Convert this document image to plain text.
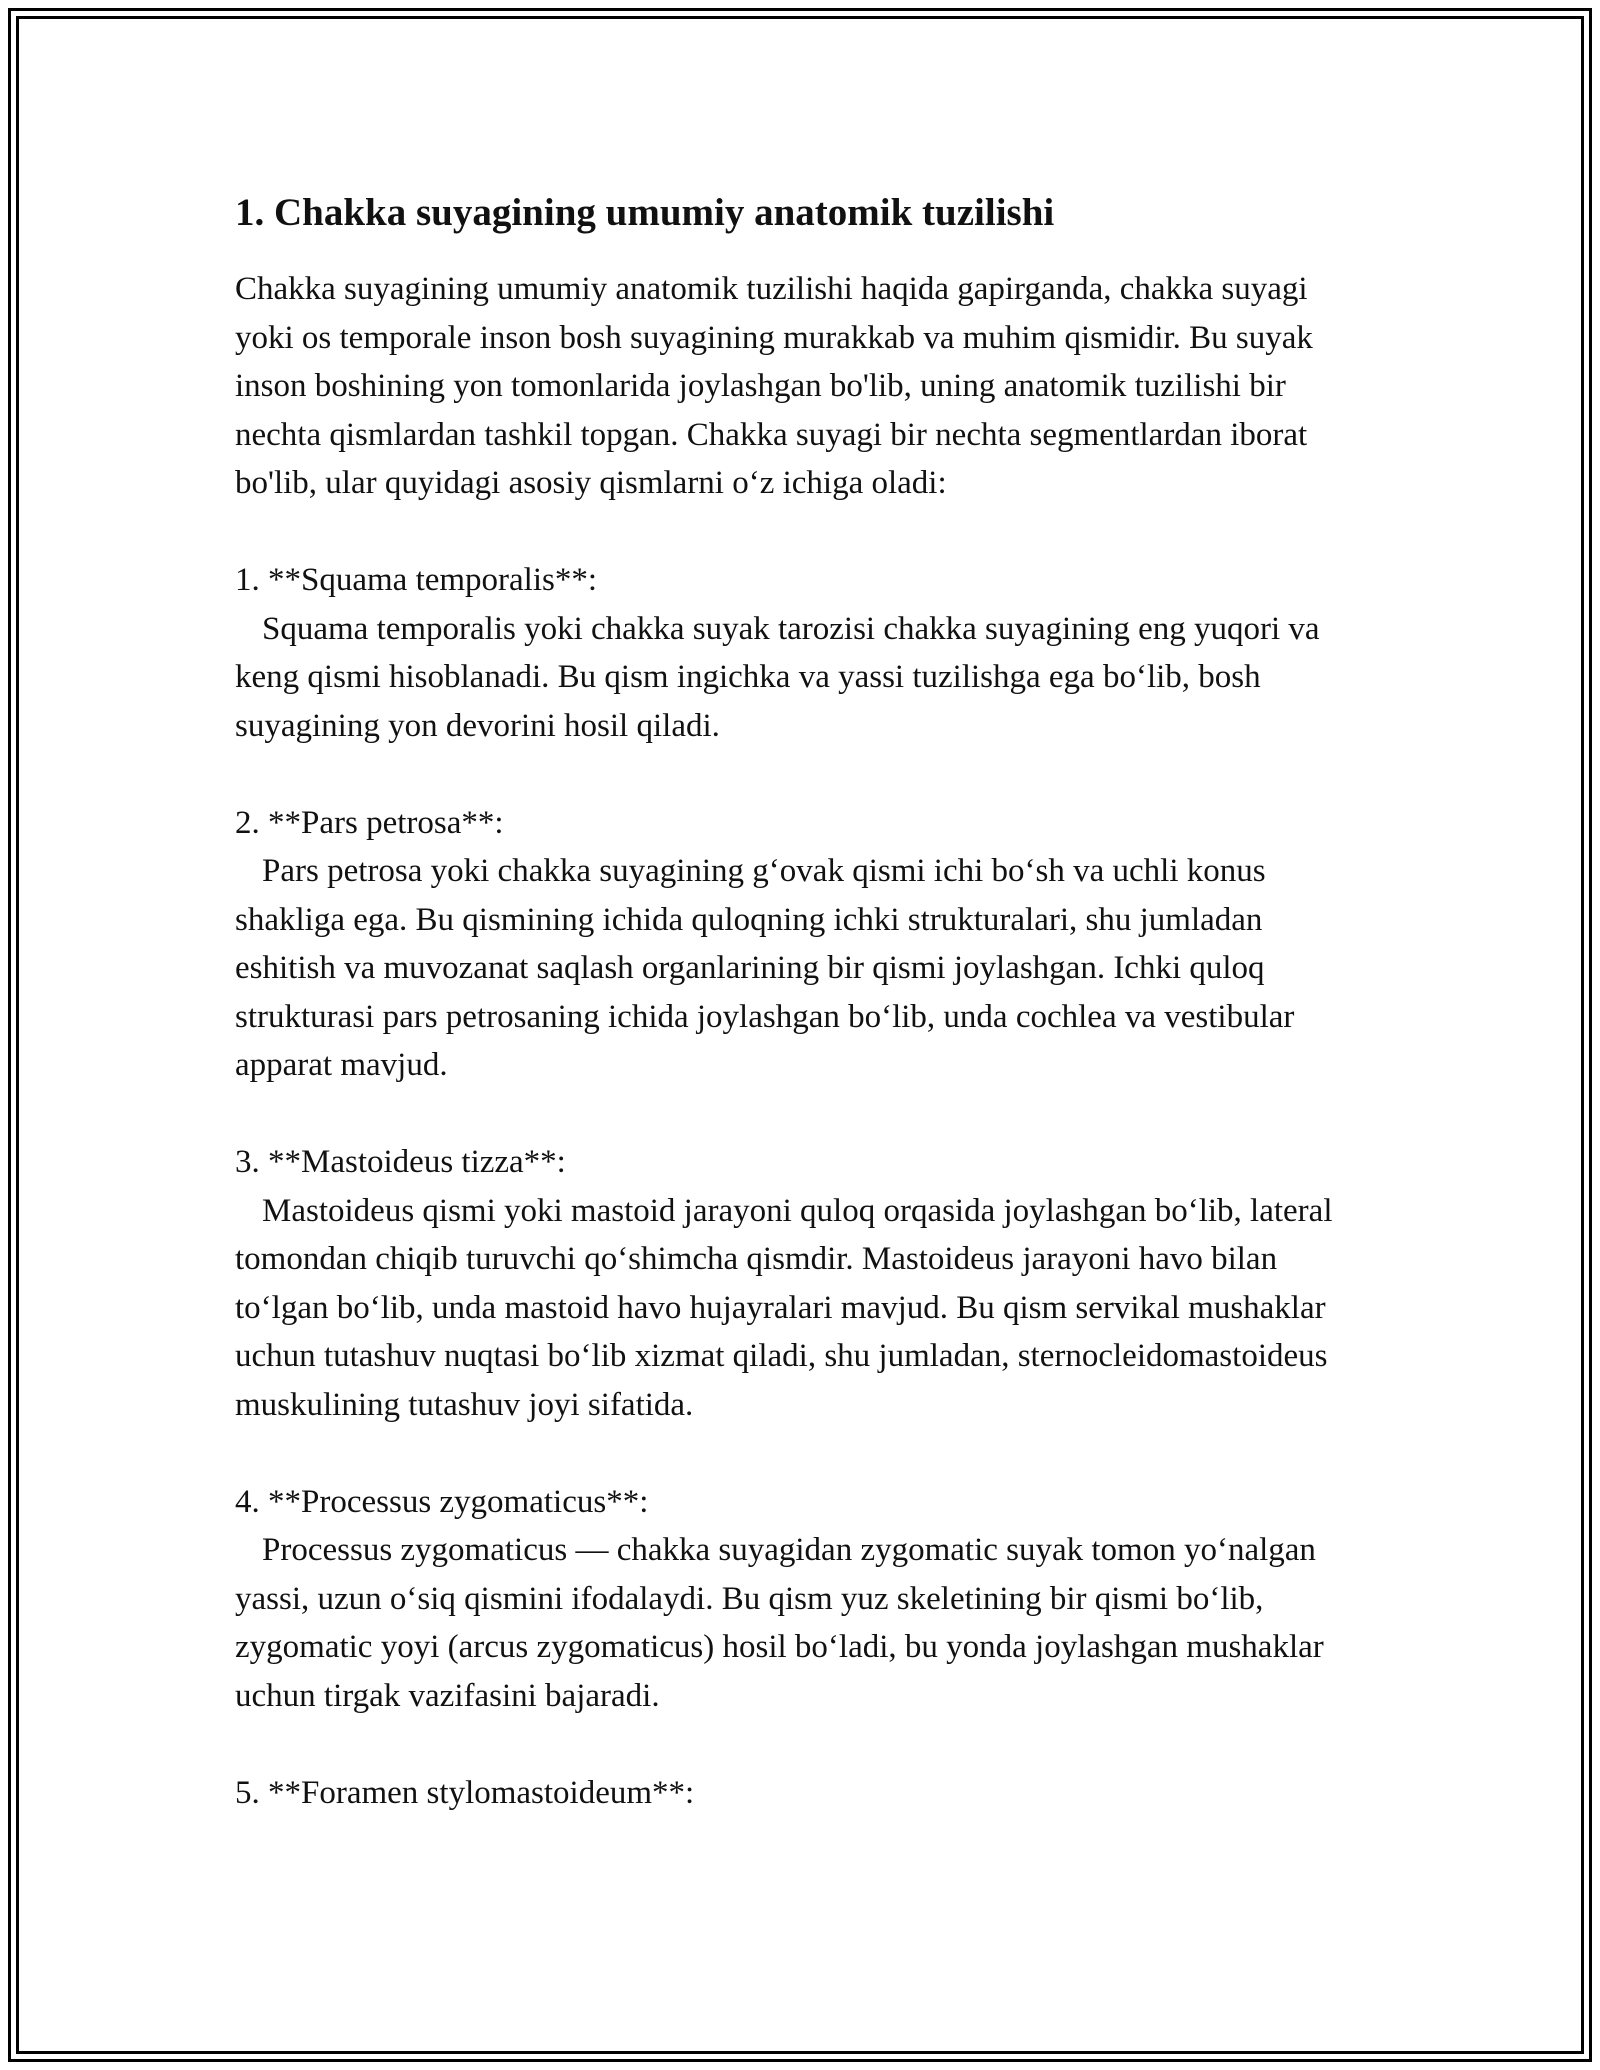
1. Chakka suyagining umumiy anatomik tuzilishi

Chakka suyagining umumiy anatomik tuzilishi haqida gapirganda, chakka suyagi yoki os temporale inson bosh suyagining murakkab va muhim qismidir. Bu suyak inson boshining yon tomonlarida joylashgan bo'lib, uning anatomik tuzilishi bir nechta qismlardan tashkil topgan. Chakka suyagi bir nechta segmentlardan iborat bo'lib, ular quyidagi asosiy qismlarni o‘z ichiga oladi:

1. **Squama temporalis**:

Squama temporalis yoki chakka suyak tarozisi chakka suyagining eng yuqori va keng qismi hisoblanadi. Bu qism ingichka va yassi tuzilishga ega bo‘lib, bosh suyagining yon devorini hosil qiladi.

2. **Pars petrosa**:

Pars petrosa yoki chakka suyagining g‘ovak qismi ichi bo‘sh va uchli konus shakliga ega. Bu qismining ichida quloqning ichki strukturalari, shu jumladan eshitish va muvozanat saqlash organlarining bir qismi joylashgan. Ichki quloq strukturasi pars petrosaning ichida joylashgan bo‘lib, unda cochlea va vestibular apparat mavjud.

3. **Mastoideus tizza**:

Mastoideus qismi yoki mastoid jarayoni quloq orqasida joylashgan bo‘lib, lateral tomondan chiqib turuvchi qo‘shimcha qismdir. Mastoideus jarayoni havo bilan to‘lgan bo‘lib, unda mastoid havo hujayralari mavjud. Bu qism servikal mushaklar uchun tutashuv nuqtasi bo‘lib xizmat qiladi, shu jumladan, sternocleidomastoideus muskulining tutashuv joyi sifatida.

4. **Processus zygomaticus**:

Processus zygomaticus — chakka suyagidan zygomatic suyak tomon yo‘nalgan yassi, uzun o‘siq qismini ifodalaydi. Bu qism yuz skeletining bir qismi bo‘lib, zygomatic yoyi (arcus zygomaticus) hosil bo‘ladi, bu yonda joylashgan mushaklar uchun tirgak vazifasini bajaradi.

5. **Foramen stylomastoideum**:
